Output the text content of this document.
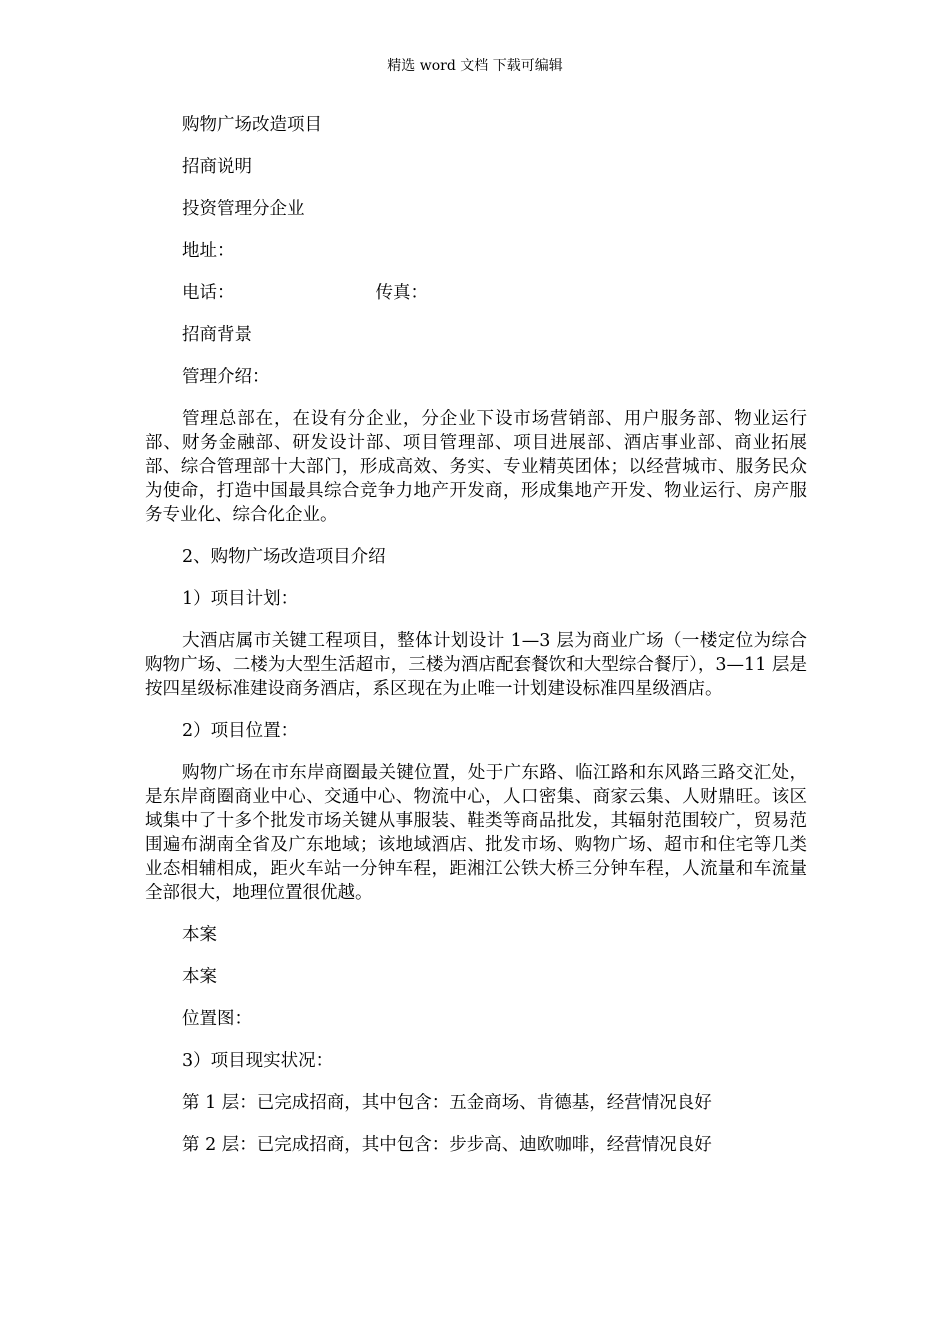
精选 word 文档 下载可编辑

购物广场改造项目

招商说明

投资管理分企业

地址：

电话：	传真：

招商背景

管理介绍：

管理总部在，在设有分企业，分企业下设市场营销部、用户服务部、物业运行部、财务金融部、研发设计部、项目管理部、项目进展部、酒店事业部、商业拓展部、综合管理部十大部门，形成高效、务实、专业精英团体；以经营城市、服务民众为使命，打造中国最具综合竞争力地产开发商，形成集地产开发、物业运行、房产服务专业化、综合化企业。

2、购物广场改造项目介绍

1）项目计划：

大酒店属市关键工程项目，整体计划设计 1—3 层为商业广场（一楼定位为综合购物广场、二楼为大型生活超市，三楼为酒店配套餐饮和大型综合餐厅），3—11 层是按四星级标准建设商务酒店，系区现在为止唯一计划建设标准四星级酒店。

2）项目位置：

购物广场在市东岸商圈最关键位置，处于广东路、临江路和东风路三路交汇处，是东岸商圈商业中心、交通中心、物流中心，人口密集、商家云集、人财鼎旺。该区域集中了十多个批发市场关键从事服装、鞋类等商品批发，其辐射范围较广，贸易范围遍布湖南全省及广东地域；该地域酒店、批发市场、购物广场、超市和住宅等几类业态相辅相成，距火车站一分钟车程，距湘江公铁大桥三分钟车程，人流量和车流量全部很大，地理位置很优越。

本案

本案

位置图：

3）项目现实状况：

第 1 层：已完成招商，其中包含：五金商场、肯德基，经营情况良好

第 2 层：已完成招商，其中包含：步步高、迪欧咖啡，经营情况良好
